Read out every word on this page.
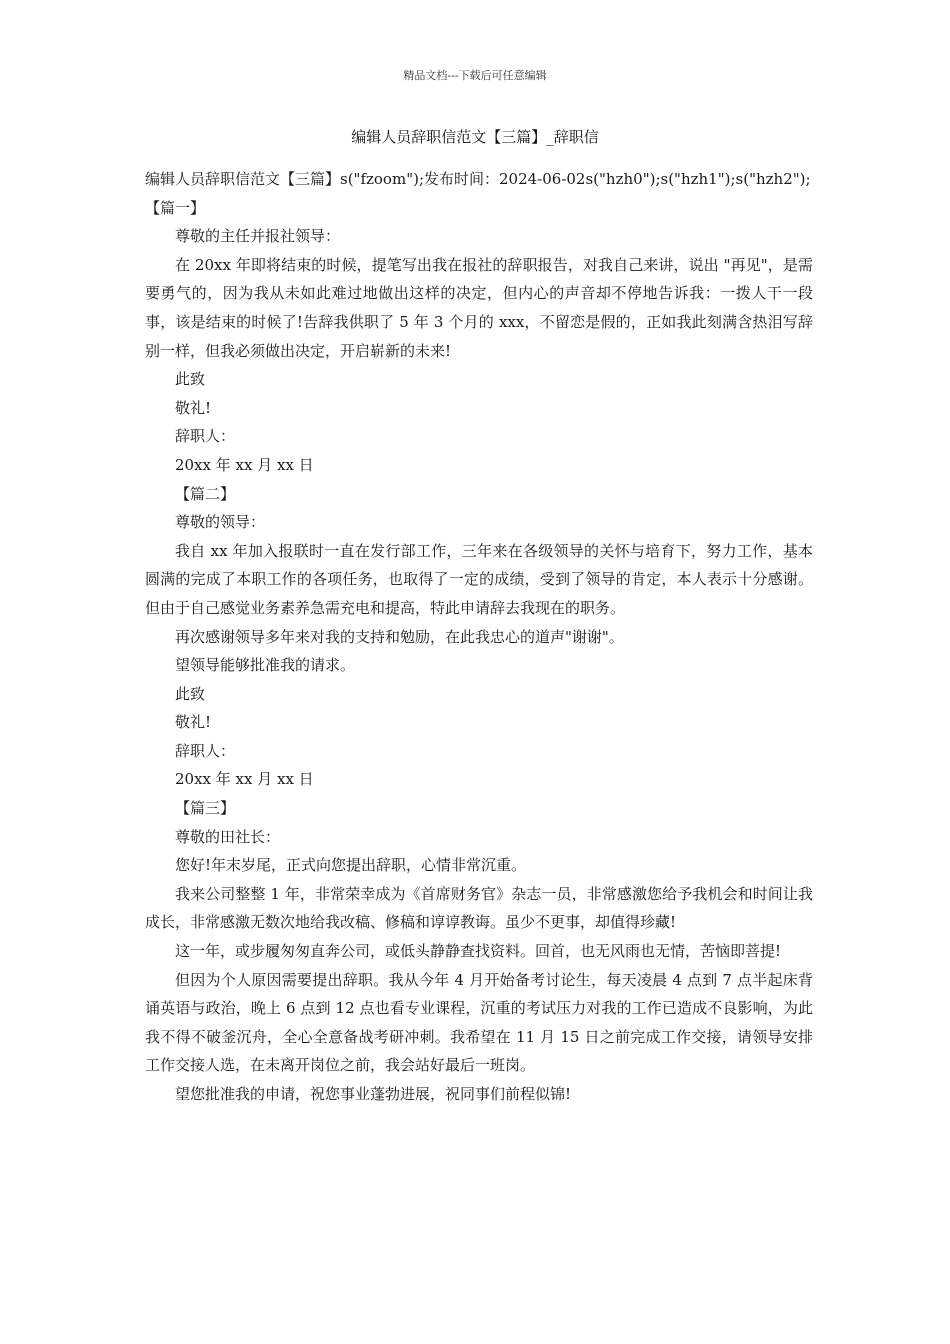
精品文档---下载后可任意编辑
编辑人员辞职信范文【三篇】_辞职信

编辑人员辞职信范文【三篇】s("fzoom");发布时间：2024-06-02s("hzh0");s("hzh1");s("hzh2");

【篇一】

尊敬的主任并报社领导：

在 20xx 年即将结束的时候，提笔写出我在报社的辞职报告，对我自己来讲，说出 "再见"，是需要勇气的，因为我从未如此难过地做出这样的决定，但内心的声音却不停地告诉我：一拨人干一段事，该是结束的时候了!告辞我供职了 5 年 3 个月的 xxx，不留恋是假的，正如我此刻满含热泪写辞别一样，但我必须做出决定，开启崭新的未来!

此致

敬礼!

辞职人：

20xx 年 xx 月 xx 日

【篇二】

尊敬的领导：

我自 xx 年加入报联时一直在发行部工作，三年来在各级领导的关怀与培育下，努力工作，基本圆满的完成了本职工作的各项任务，也取得了一定的成绩，受到了领导的肯定，本人表示十分感谢。但由于自己感觉业务素养急需充电和提高，特此申请辞去我现在的职务。

再次感谢领导多年来对我的支持和勉励，在此我忠心的道声"谢谢"。

望领导能够批准我的请求。

此致

敬礼!

辞职人：

20xx 年 xx 月 xx 日

【篇三】

尊敬的田社长：

您好!年末岁尾，正式向您提出辞职，心情非常沉重。

我来公司整整 1 年，非常荣幸成为《首席财务官》杂志一员，非常感激您给予我机会和时间让我成长，非常感激无数次地给我改稿、修稿和谆谆教诲。虽少不更事，却值得珍藏!

这一年，或步履匆匆直奔公司，或低头静静查找资料。回首，也无风雨也无情，苦恼即菩提!

但因为个人原因需要提出辞职。我从今年 4 月开始备考讨论生，每天凌晨 4 点到 7 点半起床背诵英语与政治，晚上 6 点到 12 点也看专业课程，沉重的考试压力对我的工作已造成不良影响，为此我不得不破釜沉舟，全心全意备战考研冲刺。我希望在 11 月 15 日之前完成工作交接，请领导安排工作交接人选，在未离开岗位之前，我会站好最后一班岗。

望您批准我的申请，祝您事业蓬勃进展，祝同事们前程似锦!
